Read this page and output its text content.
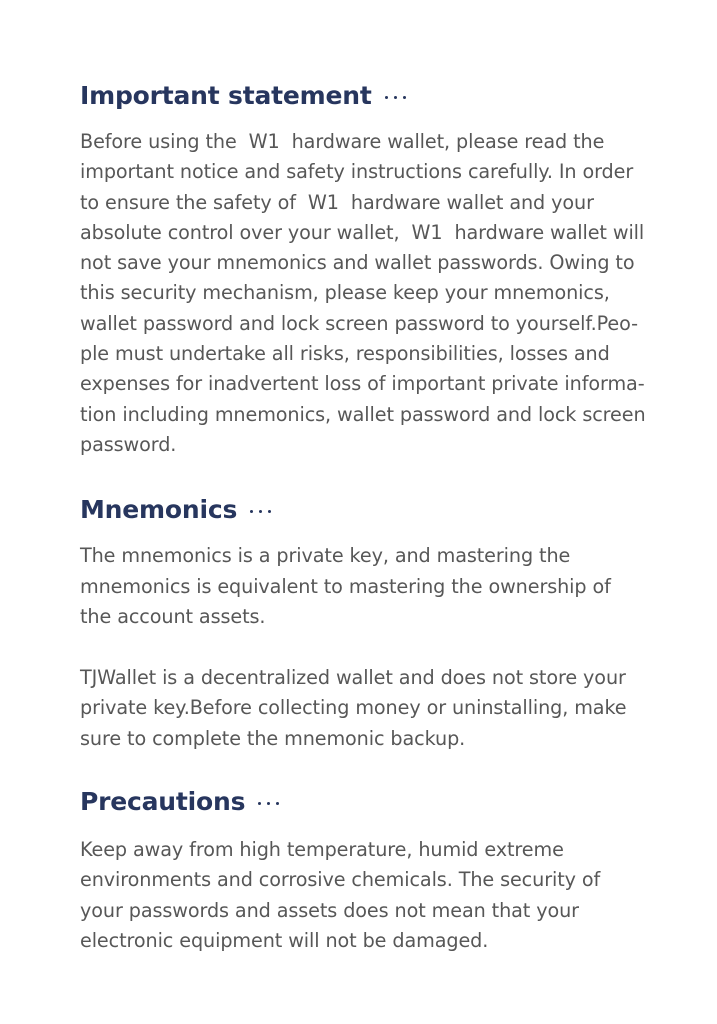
Important statement

Before using the  W1  hardware wallet, please read the
important notice and safety instructions carefully. In order
to ensure the safety of  W1  hardware wallet and your
absolute control over your wallet,  W1  hardware wallet will
not save your mnemonics and wallet passwords. Owing to
this security mechanism, please keep your mnemonics,
wallet password and lock screen password to yourself.Peo-
ple must undertake all risks, responsibilities, losses and
expenses for inadvertent loss of important private informa-
tion including mnemonics, wallet password and lock screen
password.

Mnemonics

The mnemonics is a private key, and mastering the
mnemonics is equivalent to mastering the ownership of
the account assets.

TJWallet is a decentralized wallet and does not store your
private key.Before collecting money or uninstalling, make
sure to complete the mnemonic backup.

Precautions

Keep away from high temperature, humid extreme
environments and corrosive chemicals. The security of
your passwords and assets does not mean that your
electronic equipment will not be damaged.
